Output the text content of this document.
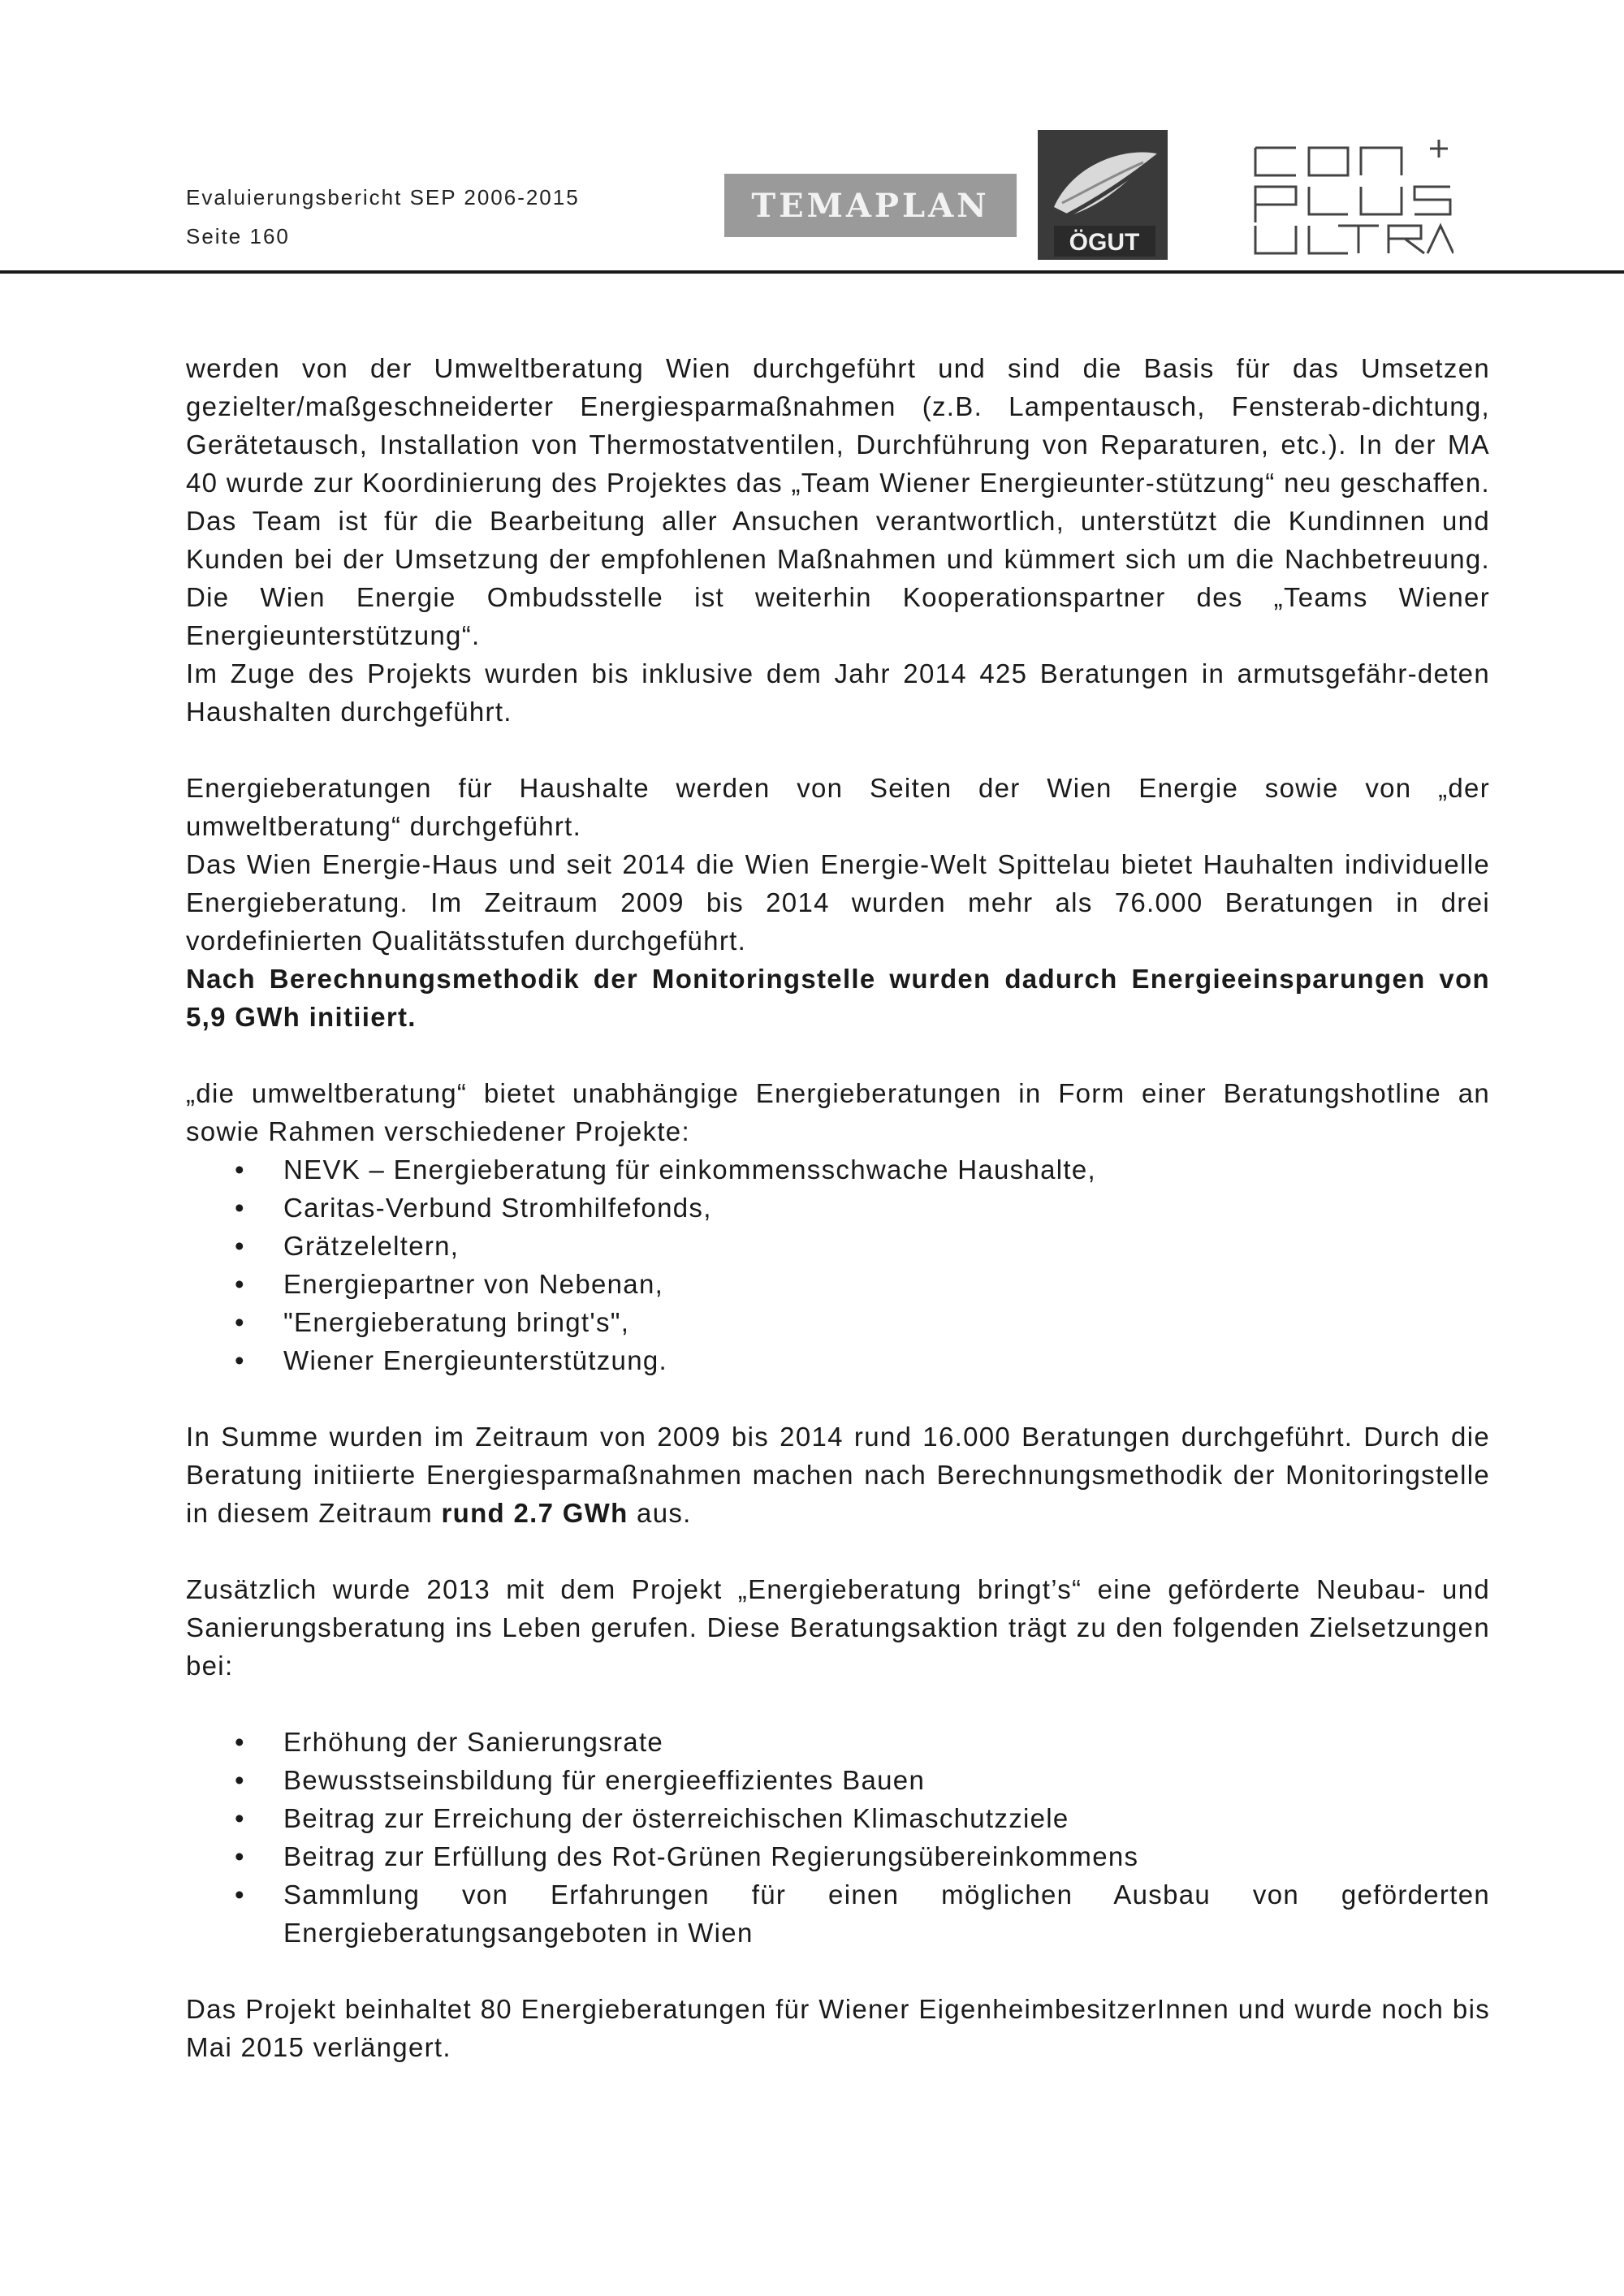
Evaluierungsbericht SEP 2006-2015
Seite 160
TEMAPLAN
ÖGUT

werden von der Umweltberatung Wien durchgeführt und sind die Basis für das Umsetzen gezielter/maßgeschneiderter Energiesparmaßnahmen (z.B. Lampentausch, Fensterab-dichtung, Gerätetausch, Installation von Thermostatventilen, Durchführung von Reparaturen, etc.). In der MA 40 wurde zur Koordinierung des Projektes das „Team Wiener Energieunter-stützung“ neu geschaffen. Das Team ist für die Bearbeitung aller Ansuchen verantwortlich, unterstützt die Kundinnen und Kunden bei der Umsetzung der empfohlenen Maßnahmen und kümmert sich um die Nachbetreuung. Die Wien Energie Ombudsstelle ist weiterhin Kooperationspartner des „Teams Wiener Energieunterstützung“.

Im Zuge des Projekts wurden bis inklusive dem Jahr 2014 425 Beratungen in armutsgefähr-deten Haushalten durchgeführt.

Energieberatungen für Haushalte werden von Seiten der Wien Energie sowie von „der umweltberatung“ durchgeführt.

Das Wien Energie-Haus und seit 2014 die Wien Energie-Welt Spittelau bietet Hauhalten individuelle Energieberatung. Im Zeitraum 2009 bis 2014 wurden mehr als 76.000 Beratungen in drei vordefinierten Qualitätsstufen durchgeführt.

Nach Berechnungsmethodik der Monitoringstelle wurden dadurch Energieeinsparungen von 5,9 GWh initiiert.

„die umweltberatung“ bietet unabhängige Energieberatungen in Form einer Beratungshotline an sowie Rahmen verschiedener Projekte:

• NEVK – Energieberatung für einkommensschwache Haushalte,
• Caritas-Verbund Stromhilfefonds,
• Grätzeleltern,
• Energiepartner von Nebenan,
• "Energieberatung bringt's",
• Wiener Energieunterstützung.

In Summe wurden im Zeitraum von 2009 bis 2014 rund 16.000 Beratungen durchgeführt. Durch die Beratung initiierte Energiesparmaßnahmen machen nach Berechnungsmethodik der Monitoringstelle in diesem Zeitraum rund 2.7 GWh aus.

Zusätzlich wurde 2013 mit dem Projekt „Energieberatung bringt’s“ eine geförderte Neubau- und Sanierungsberatung ins Leben gerufen. Diese Beratungsaktion trägt zu den folgenden Zielsetzungen bei:

• Erhöhung der Sanierungsrate
• Bewusstseinsbildung für energieeffizientes Bauen
• Beitrag zur Erreichung der österreichischen Klimaschutzziele
• Beitrag zur Erfüllung des Rot-Grünen Regierungsübereinkommens
• Sammlung von Erfahrungen für einen möglichen Ausbau von geförderten Energieberatungsangeboten in Wien

Das Projekt beinhaltet 80 Energieberatungen für Wiener EigenheimbesitzerInnen und wurde noch bis Mai 2015 verlängert.
